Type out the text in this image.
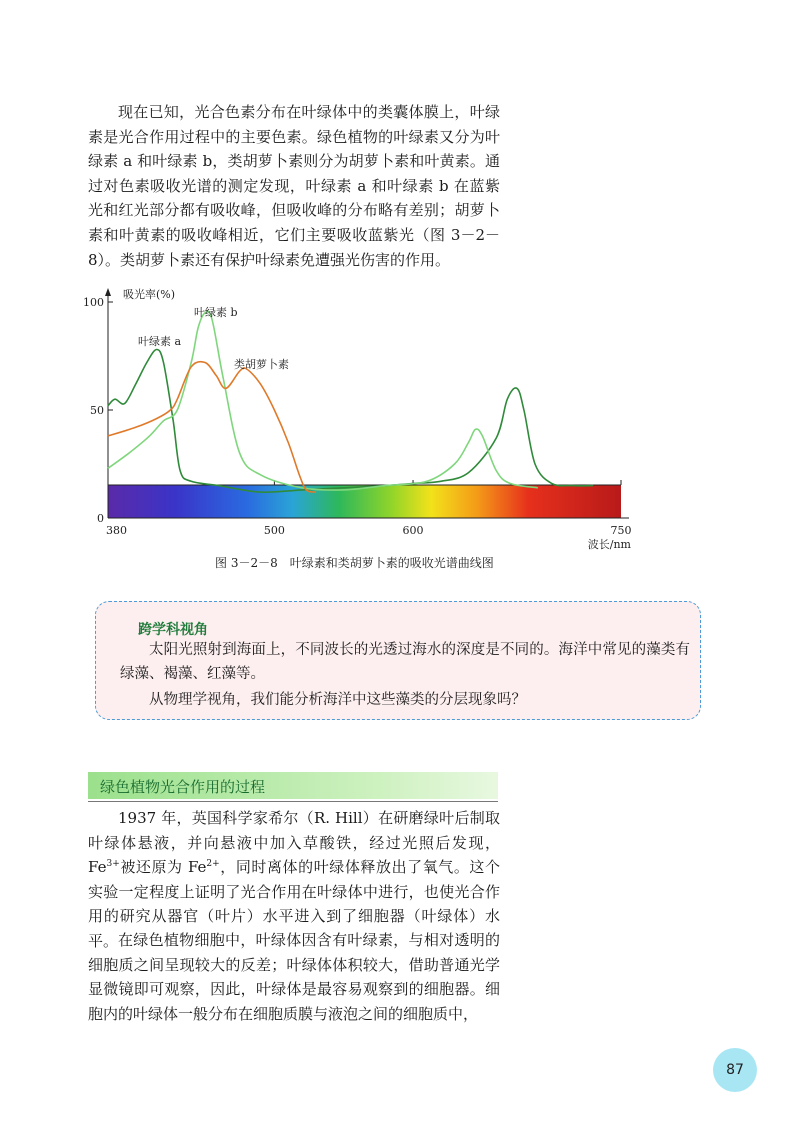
现在已知，光合色素分布在叶绿体中的类囊体膜上，叶绿素是光合作用过程中的主要色素。绿色植物的叶绿素又分为叶绿素 a 和叶绿素 b，类胡萝卜素则分为胡萝卜素和叶黄素。通过对色素吸收光谱的测定发现，叶绿素 a 和叶绿素 b 在蓝紫光和红光部分都有吸收峰，但吸收峰的分布略有差别；胡萝卜素和叶黄素的吸收峰相近，它们主要吸收蓝紫光（图 3－2－8）。类胡萝卜素还有保护叶绿素免遭强光伤害的作用。

0
50
100
380	500	600	750
吸光率(%)
波长/nm
叶绿素 a
叶绿素 b
类胡萝卜素

图 3－2－8　叶绿素和类胡萝卜素的吸收光谱曲线图

跨学科视角

太阳光照射到海面上，不同波长的光透过海水的深度是不同的。海洋中常见的藻类有绿藻、褐藻、红藻等。

从物理学视角，我们能分析海洋中这些藻类的分层现象吗？

绿色植物光合作用的过程

1937 年，英国科学家希尔（R. Hill）在研磨绿叶后制取叶绿体悬液，并向悬液中加入草酸铁，经过光照后发现，$Fe^{3+}$被还原为 $Fe^{2+}$，同时离体的叶绿体释放出了氧气。这个实验一定程度上证明了光合作用在叶绿体中进行，也使光合作用的研究从器官（叶片）水平进入到了细胞器（叶绿体）水平。 在绿色植物细胞中，叶绿体因含有叶绿素，与相对透明的细胞质之间呈现较大的反差；叶绿体体积较大，借助普通光学显微镜即可观察，因此，叶绿体是最容易观察到的细胞器。细胞内的叶绿体一般分布在细胞质膜与液泡之间的细胞质中，

87
